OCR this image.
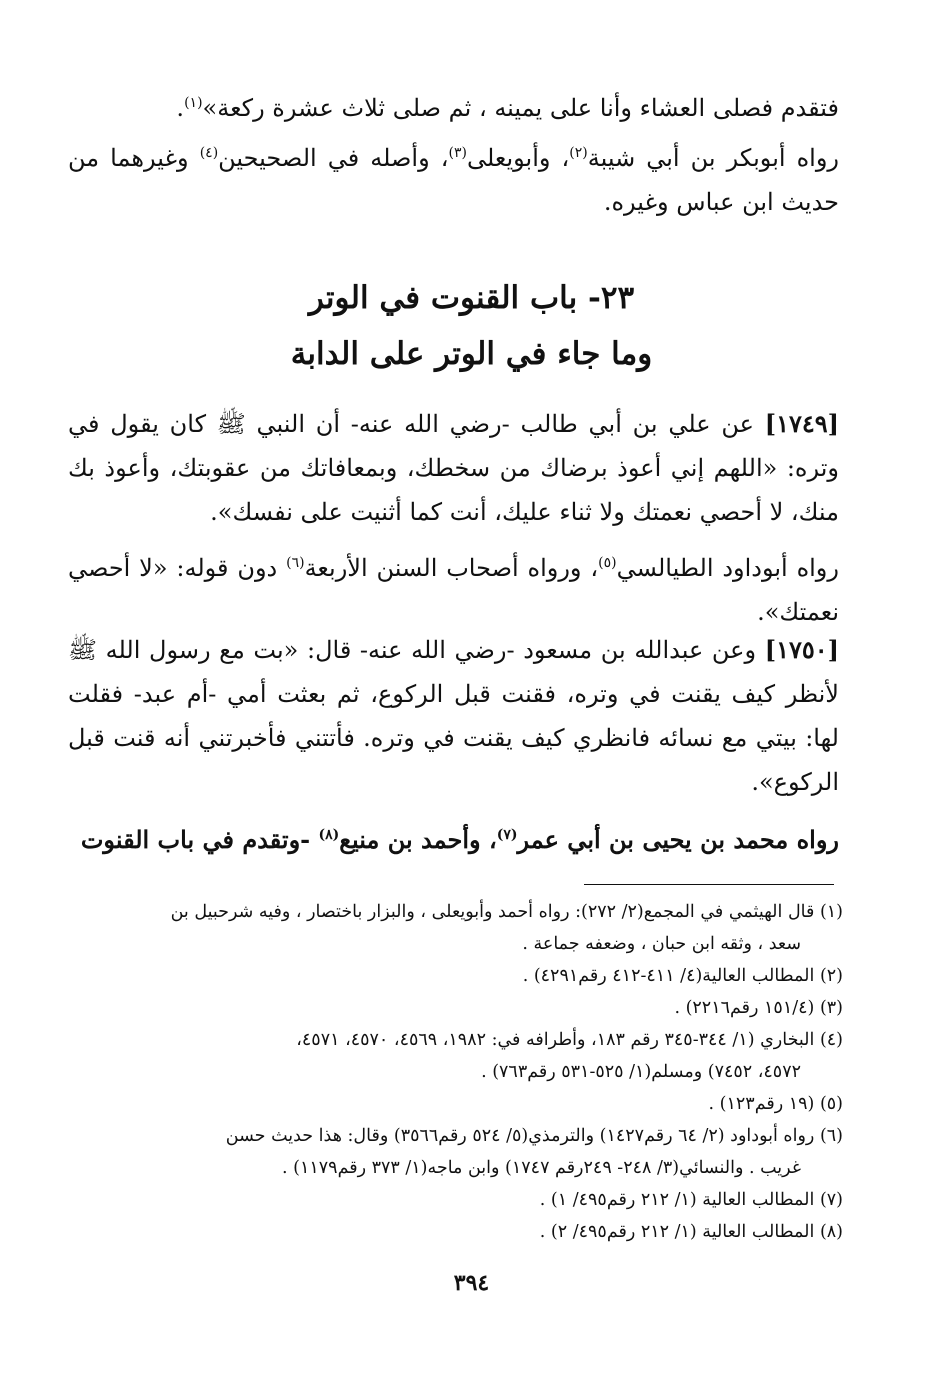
فتقدم فصلى العشاء وأنا على يمينه ، ثم صلى ثلاث عشرة ركعة»$^{(١)}$.

رواه أبوبكر بن أبي شيبة$^{(٢)}$، وأبويعلى$^{(٣)}$، وأصله في الصحيحين$^{(٤)}$ وغيرهما من حديث ابن عباس وغيره.

٢٣- باب القنوت في الوتر
وما جاء في الوتر على الدابة

[١٧٤٩] عن علي بن أبي طالب -رضي الله عنه- أن النبي ﷺ كان يقول في وتره: «اللهم إني أعوذ برضاك من سخطك، وبمعافاتك من عقوبتك، وأعوذ بك منك، لا أحصي نعمتك ولا ثناء عليك، أنت كما أثنيت على نفسك».

رواه أبوداود الطيالسي$^{(٥)}$، ورواه أصحاب السنن الأربعة$^{(٦)}$ دون قوله: «لا أحصي نعمتك».

[١٧٥٠] وعن عبدالله بن مسعود -رضي الله عنه- قال: «بت مع رسول الله ﷺ لأنظر كيف يقنت في وتره، فقنت قبل الركوع، ثم بعثت أمي -أم عبد- فقلت لها: بيتي مع نسائه فانظري كيف يقنت في وتره. فأتتني فأخبرتني أنه قنت قبل الركوع».

رواه محمد بن يحيى بن أبي عمر$^{(٧)}$، وأحمد بن منيع$^{(٨)}$ -وتقدم في باب القنوت

(١) قال الهيثمي في المجمع(٢/ ٢٧٢): رواه أحمد وأبويعلى ، والبزار باختصار ، وفيه شرحبيل بن

سعد ، وثقه ابن حبان ، وضعفه جماعة .

(٢) المطالب العالية(٤/ ٤١١-٤١٢ رقم٤٢٩١) .

(٣) (١٥١/٤ رقم٢٢١٦) .

(٤) البخاري (١/ ٣٤٤-٣٤٥ رقم ١٨٣، وأطرافه في: ١٩٨٢، ٤٥٦٩، ٤٥٧٠، ٤٥٧١،

٤٥٧٢، ٧٤٥٢) ومسلم(١/ ٥٢٥-٥٣١ رقم٧٦٣) .

(٥) (١٩ رقم١٢٣) .

(٦) رواه أبوداود (٢/ ٦٤ رقم١٤٢٧) والترمذي(٥/ ٥٢٤ رقم٣٥٦٦) وقال: هذا حديث حسن

غريب . والنسائي(٣/ ٢٤٨- ٢٤٩رقم ١٧٤٧) وابن ماجه(١/ ٣٧٣ رقم١١٧٩) .

(٧) المطالب العالية (١/ ٢١٢ رقم٤٩٥/ ١) .

(٨) المطالب العالية (١/ ٢١٢ رقم٤٩٥/ ٢) .

٣٩٤
